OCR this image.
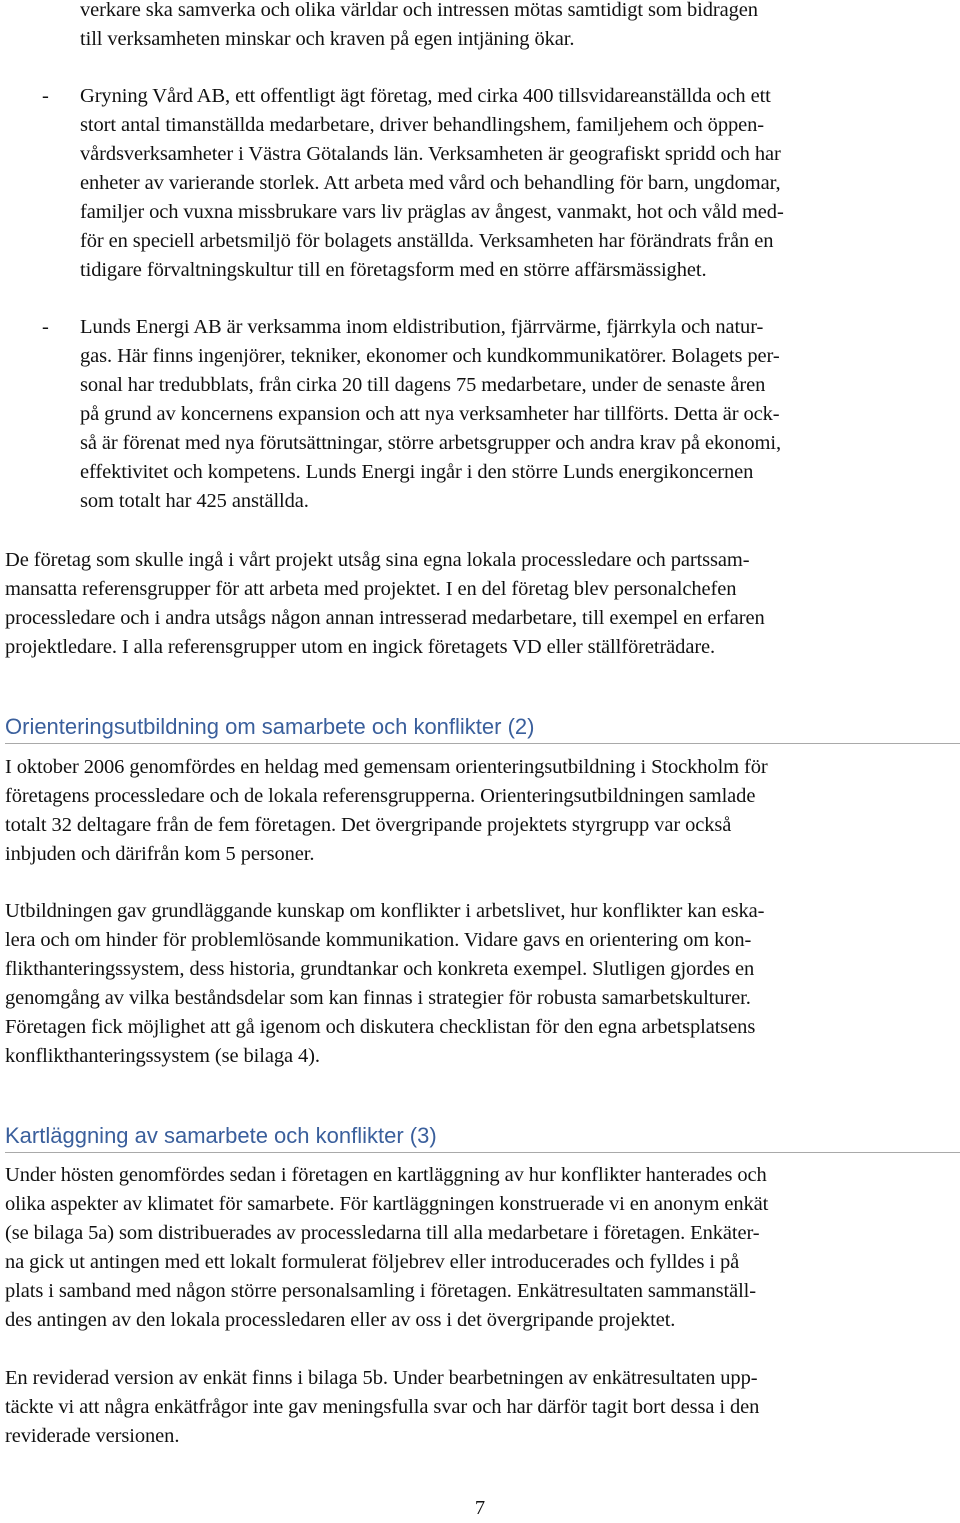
verkare ska samverka och olika världar och intressen mötas samtidigt som bidragen
till verksamheten minskar och kraven på egen intjäning ökar.

- Gryning Vård AB, ett offentligt ägt företag, med cirka 400 tillsvidareanställda och ett
stort antal timanställda medarbetare, driver behandlingshem, familjehem och öppen-
vårdsverksamheter i Västra Götalands län. Verksamheten är geografiskt spridd och har
enheter av varierande storlek. Att arbeta med vård och behandling för barn, ungdomar,
familjer och vuxna missbrukare vars liv präglas av ångest, vanmakt, hot och våld med-
för en speciell arbetsmiljö för bolagets anställda. Verksamheten har förändrats från en
tidigare förvaltningskultur till en företagsform med en större affärsmässighet.

- Lunds Energi AB är verksamma inom eldistribution, fjärrvärme, fjärrkyla och natur-
gas. Här finns ingenjörer, tekniker, ekonomer och kundkommunikatörer. Bolagets per-
sonal har tredubblats, från cirka 20 till dagens 75 medarbetare, under de senaste åren
på grund av koncernens expansion och att nya verksamheter har tillförts. Detta är ock-
så är förenat med nya förutsättningar, större arbetsgrupper och andra krav på ekonomi,
effektivitet och kompetens. Lunds Energi ingår i den större Lunds energikoncernen
som totalt har 425 anställda.

De företag som skulle ingå i vårt projekt utsåg sina egna lokala processledare och partssam-
mansatta referensgrupper för att arbeta med projektet. I en del företag blev personalchefen
processledare och i andra utsågs någon annan intresserad medarbetare, till exempel en erfaren
projektledare. I alla referensgrupper utom en ingick företagets VD eller ställföreträdare.

Orienteringsutbildning om samarbete och konflikter (2)

I oktober 2006 genomfördes en heldag med gemensam orienteringsutbildning i Stockholm för
företagens processledare och de lokala referensgrupperna. Orienteringsutbildningen samlade
totalt 32 deltagare från de fem företagen. Det övergripande projektets styrgrupp var också
inbjuden och därifrån kom 5 personer.

Utbildningen gav grundläggande kunskap om konflikter i arbetslivet, hur konflikter kan eska-
lera och om hinder för problemlösande kommunikation. Vidare gavs en orientering om kon-
flikthanteringssystem, dess historia, grundtankar och konkreta exempel. Slutligen gjordes en
genomgång av vilka beståndsdelar som kan finnas i strategier för robusta samarbetskulturer.
Företagen fick möjlighet att gå igenom och diskutera checklistan för den egna arbetsplatsens
konflikthanteringssystem (se bilaga 4).

Kartläggning av samarbete och konflikter (3)

Under hösten genomfördes sedan i företagen en kartläggning av hur konflikter hanterades och
olika aspekter av klimatet för samarbete. För kartläggningen konstruerade vi en anonym enkät
(se bilaga 5a) som distribuerades av processledarna till alla medarbetare i företagen. Enkäter-
na gick ut antingen med ett lokalt formulerat följebrev eller introducerades och fylldes i på
plats i samband med någon större personalsamling i företagen. Enkätresultaten sammanställ-
des antingen av den lokala processledaren eller av oss i det övergripande projektet.

En reviderad version av enkät finns i bilaga 5b. Under bearbetningen av enkätresultaten upp-
täckte vi att några enkätfrågor inte gav meningsfulla svar och har därför tagit bort dessa i den
reviderade versionen.

7
